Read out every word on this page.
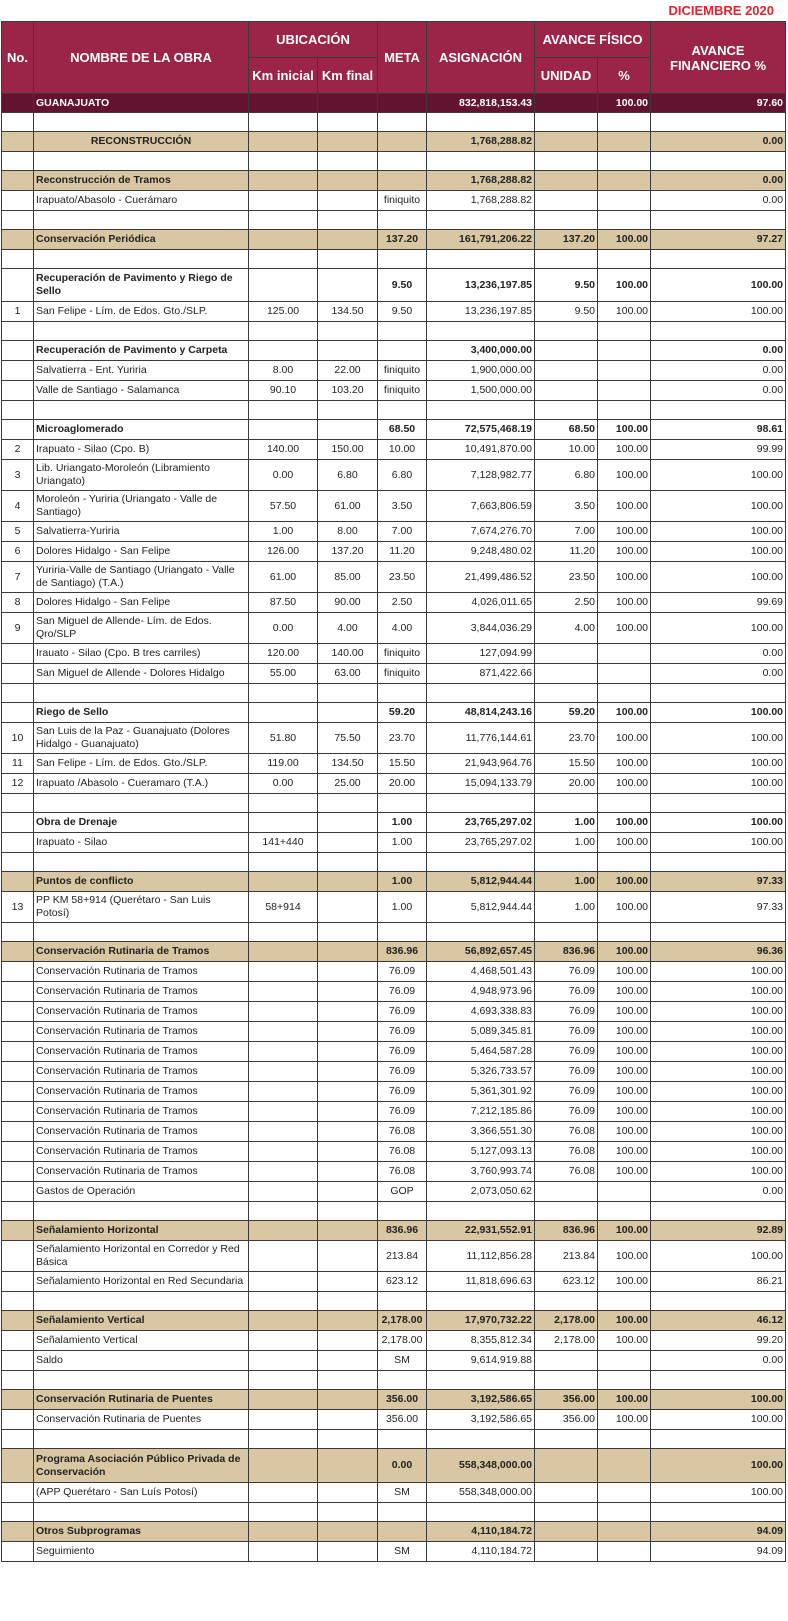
DICIEMBRE 2020
No.	NOMBRE DE LA OBRA	UBICACIÓN		META	ASIGNACIÓN	AVANCE FÍSICO		AVANCE FINANCIERO %
		Km inicial	Km final			UNIDAD	%	
	GUANAJUATO				832,818,153.43		100.00	97.60

	RECONSTRUCCIÓN				1,768,288.82			0.00

	Reconstrucción de Tramos				1,768,288.82			0.00
	Irapuato/Abasolo - Cuerámaro			finiquito	1,768,288.82			0.00

	Conservación Periódica			137.20	161,791,206.22	137.20	100.00	97.27

	Recuperación de Pavimento y Riego de Sello			9.50	13,236,197.85	9.50	100.00	100.00
1	San Felipe - Lím. de Edos. Gto./SLP.	125.00	134.50	9.50	13,236,197.85	9.50	100.00	100.00

	Recuperación de Pavimento y Carpeta				3,400,000.00			0.00
	Salvatierra - Ent. Yuriria	8.00	22.00	finiquito	1,900,000.00			0.00
	Valle de Santiago - Salamanca	90.10	103.20	finiquito	1,500,000.00			0.00

	Microaglomerado			68.50	72,575,468.19	68.50	100.00	98.61
2	Irapuato - Silao (Cpo. B)	140.00	150.00	10.00	10,491,870.00	10.00	100.00	99.99
3	Lib. Uriangato-Moroleón (Libramiento Uriangato)	0.00	6.80	6.80	7,128,982.77	6.80	100.00	100.00
4	Moroleón - Yuriria (Uriangato - Valle de Santiago)	57.50	61.00	3.50	7,663,806.59	3.50	100.00	100.00
5	Salvatierra-Yuriria	1.00	8.00	7.00	7,674,276.70	7.00	100.00	100.00
6	Dolores Hidalgo - San Felipe	126.00	137.20	11.20	9,248,480.02	11.20	100.00	100.00
7	Yuriria-Valle de Santiago (Uriangato - Valle de Santiago) (T.A.)	61.00	85.00	23.50	21,499,486.52	23.50	100.00	100.00
8	Dolores Hidalgo - San Felipe	87.50	90.00	2.50	4,026,011.65	2.50	100.00	99.69
9	San Miguel de Allende- Lím. de Edos. Qro/SLP	0.00	4.00	4.00	3,844,036.29	4.00	100.00	100.00
	Irauato - Silao (Cpo. B tres carriles)	120.00	140.00	finiquito	127,094.99			0.00
	San Miguel de Allende - Dolores Hidalgo	55.00	63.00	finiquito	871,422.66			0.00

	Riego de Sello			59.20	48,814,243.16	59.20	100.00	100.00
10	San Luis de la Paz - Guanajuato (Dolores Hidalgo - Guanajuato)	51.80	75.50	23.70	11,776,144.61	23.70	100.00	100.00
11	San Felipe - Lím. de Edos. Gto./SLP.	119.00	134.50	15.50	21,943,964.76	15.50	100.00	100.00
12	Irapuato /Abasolo - Cueramaro (T.A.)	0.00	25.00	20.00	15,094,133.79	20.00	100.00	100.00

	Obra de Drenaje			1.00	23,765,297.02	1.00	100.00	100.00
	Irapuato - Silao	141+440		1.00	23,765,297.02	1.00	100.00	100.00

	Puntos de conflicto			1.00	5,812,944.44	1.00	100.00	97.33
13	PP KM 58+914 (Querétaro - San Luis Potosí)	58+914		1.00	5,812,944.44	1.00	100.00	97.33

	Conservación Rutinaria de Tramos			836.96	56,892,657.45	836.96	100.00	96.36
	Conservación Rutinaria de Tramos			76.09	4,468,501.43	76.09	100.00	100.00
	Conservación Rutinaria de Tramos			76.09	4,948,973.96	76.09	100.00	100.00
	Conservación Rutinaria de Tramos			76.09	4,693,338.83	76.09	100.00	100.00
	Conservación Rutinaria de Tramos			76.09	5,089,345.81	76.09	100.00	100.00
	Conservación Rutinaria de Tramos			76.09	5,464,587.28	76.09	100.00	100.00
	Conservación Rutinaria de Tramos			76.09	5,326,733.57	76.09	100.00	100.00
	Conservación Rutinaria de Tramos			76.09	5,361,301.92	76.09	100.00	100.00
	Conservación Rutinaria de Tramos			76.09	7,212,185.86	76.09	100.00	100.00
	Conservación Rutinaria de Tramos			76.08	3,366,551.30	76.08	100.00	100.00
	Conservación Rutinaria de Tramos			76.08	5,127,093.13	76.08	100.00	100.00
	Conservación Rutinaria de Tramos			76.08	3,760,993.74	76.08	100.00	100.00
	Gastos de Operación			GOP	2,073,050.62			0.00

	Señalamiento Horizontal			836.96	22,931,552.91	836.96	100.00	92.89
	Señalamiento Horizontal en Corredor y Red Básica			213.84	11,112,856.28	213.84	100.00	100.00
	Señalamiento Horizontal en Red Secundaria			623.12	11,818,696.63	623.12	100.00	86.21

	Señalamiento Vertical			2,178.00	17,970,732.22	2,178.00	100.00	46.12
	Señalamiento Vertical			2,178.00	8,355,812.34	2,178.00	100.00	99.20
	Saldo			SM	9,614,919.88			0.00

	Conservación Rutinaria de Puentes			356.00	3,192,586.65	356.00	100.00	100.00
	Conservación Rutinaria de Puentes			356.00	3,192,586.65	356.00	100.00	100.00

	Programa Asociación Público Privada de Conservación			0.00	558,348,000.00			100.00
	(APP Querétaro - San Luís Potosí)			SM	558,348,000.00			100.00

	Otros Subprogramas				4,110,184.72			94.09
	Seguimiento			SM	4,110,184.72			94.09
